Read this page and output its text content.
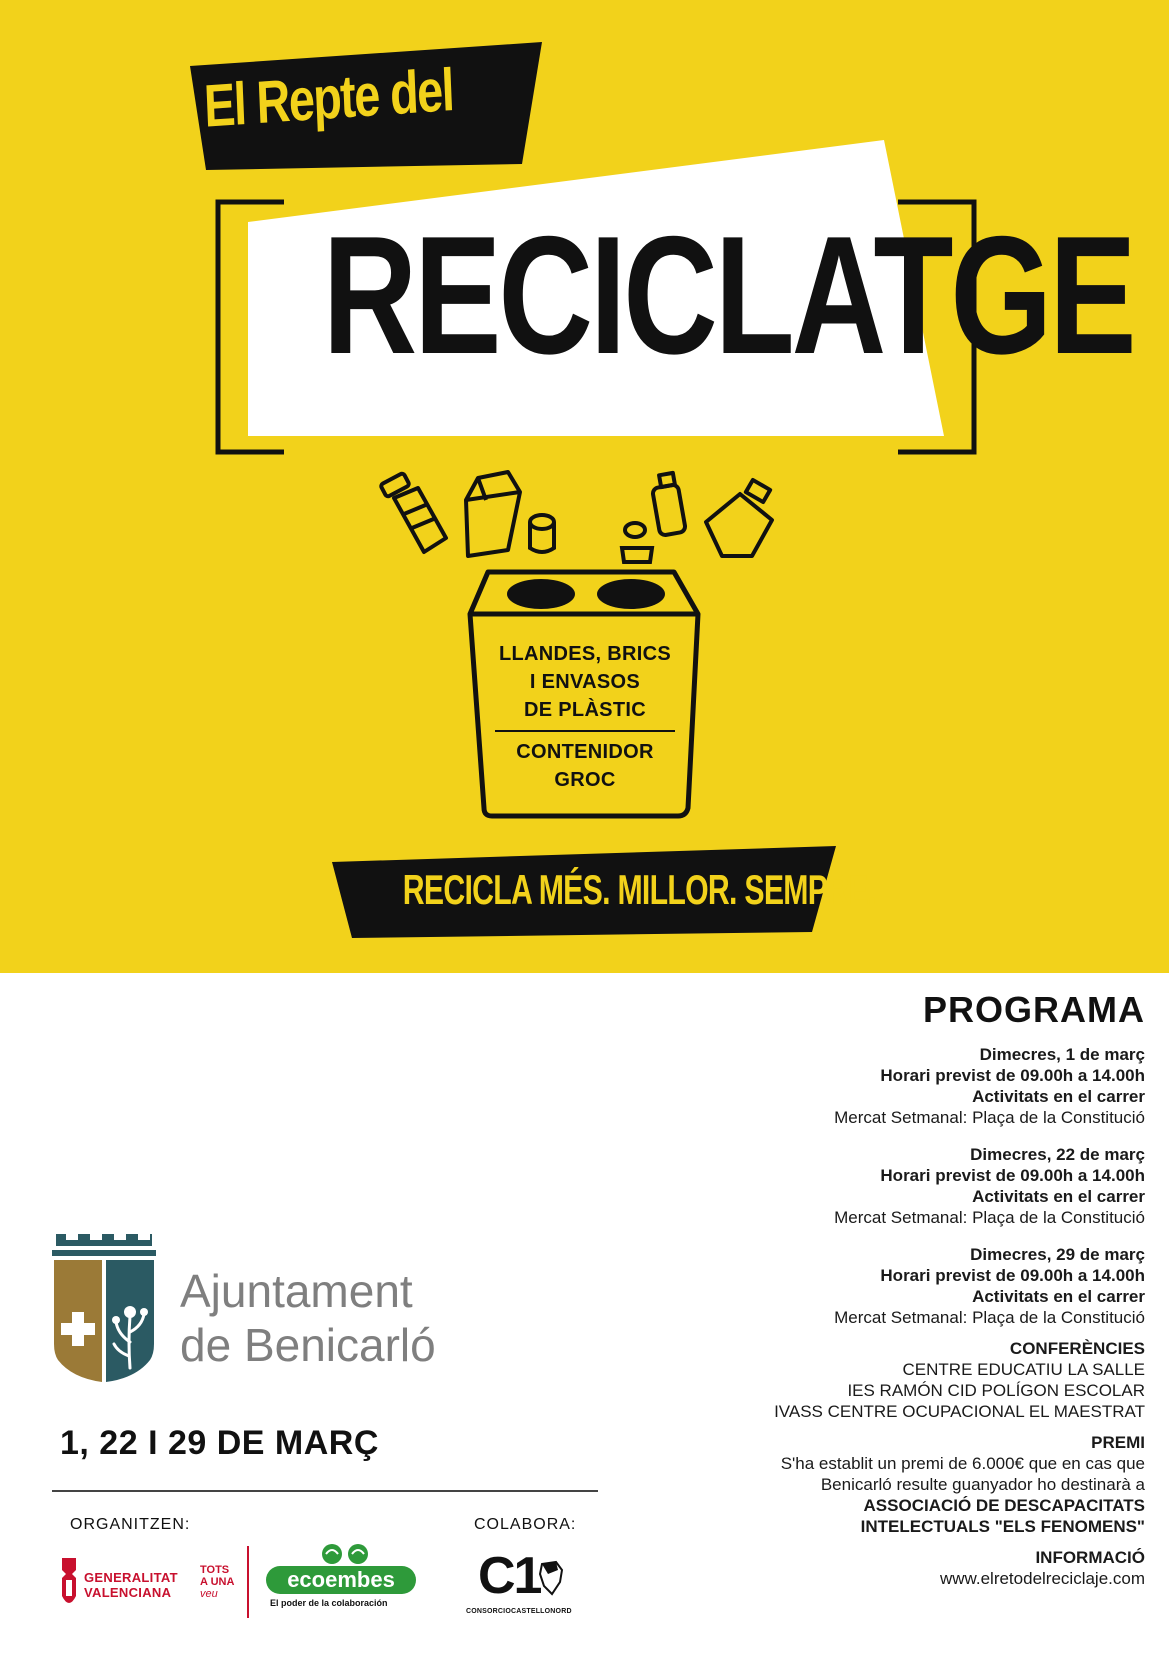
El Repte del
RECICLATGE
LLANDES, BRICS
I ENVASOS
DE PLÀSTIC
CONTENIDOR
GROC
RECICLA MÉS. MILLOR. SEMPRE.
PROGRAMA
Dimecres, 1 de març
Horari previst de 09.00h a 14.00h
Activitats en el carrer
Mercat Setmanal: Plaça de la Constitució
Dimecres, 22 de març
Horari previst de 09.00h a 14.00h
Activitats en el carrer
Mercat Setmanal: Plaça de la Constitució
Dimecres, 29 de març
Horari previst de 09.00h a 14.00h
Activitats en el carrer
Mercat Setmanal: Plaça de la Constitució
CONFERÈNCIES
CENTRE EDUCATIU LA SALLE
IES RAMÓN CID POLÍGON ESCOLAR
IVASS CENTRE OCUPACIONAL EL MAESTRAT
PREMI
S'ha establit un premi de 6.000€ que en cas que
Benicarló resulte guanyador ho destinarà a
ASSOCIACIÓ DE DESCAPACITATS
INTELECTUALS "ELS FENOMENS"
INFORMACIÓ
www.elretodelreciclaje.com
Ajuntament
de Benicarló
1, 22 I 29 DE MARÇ
ORGANITZEN:	COLABORA:
GENERALITAT
VALENCIANA
TOTS
A UNA
veu
ecoembes
El poder de la colaboración C1
CONSORCIOCASTELLONORD
